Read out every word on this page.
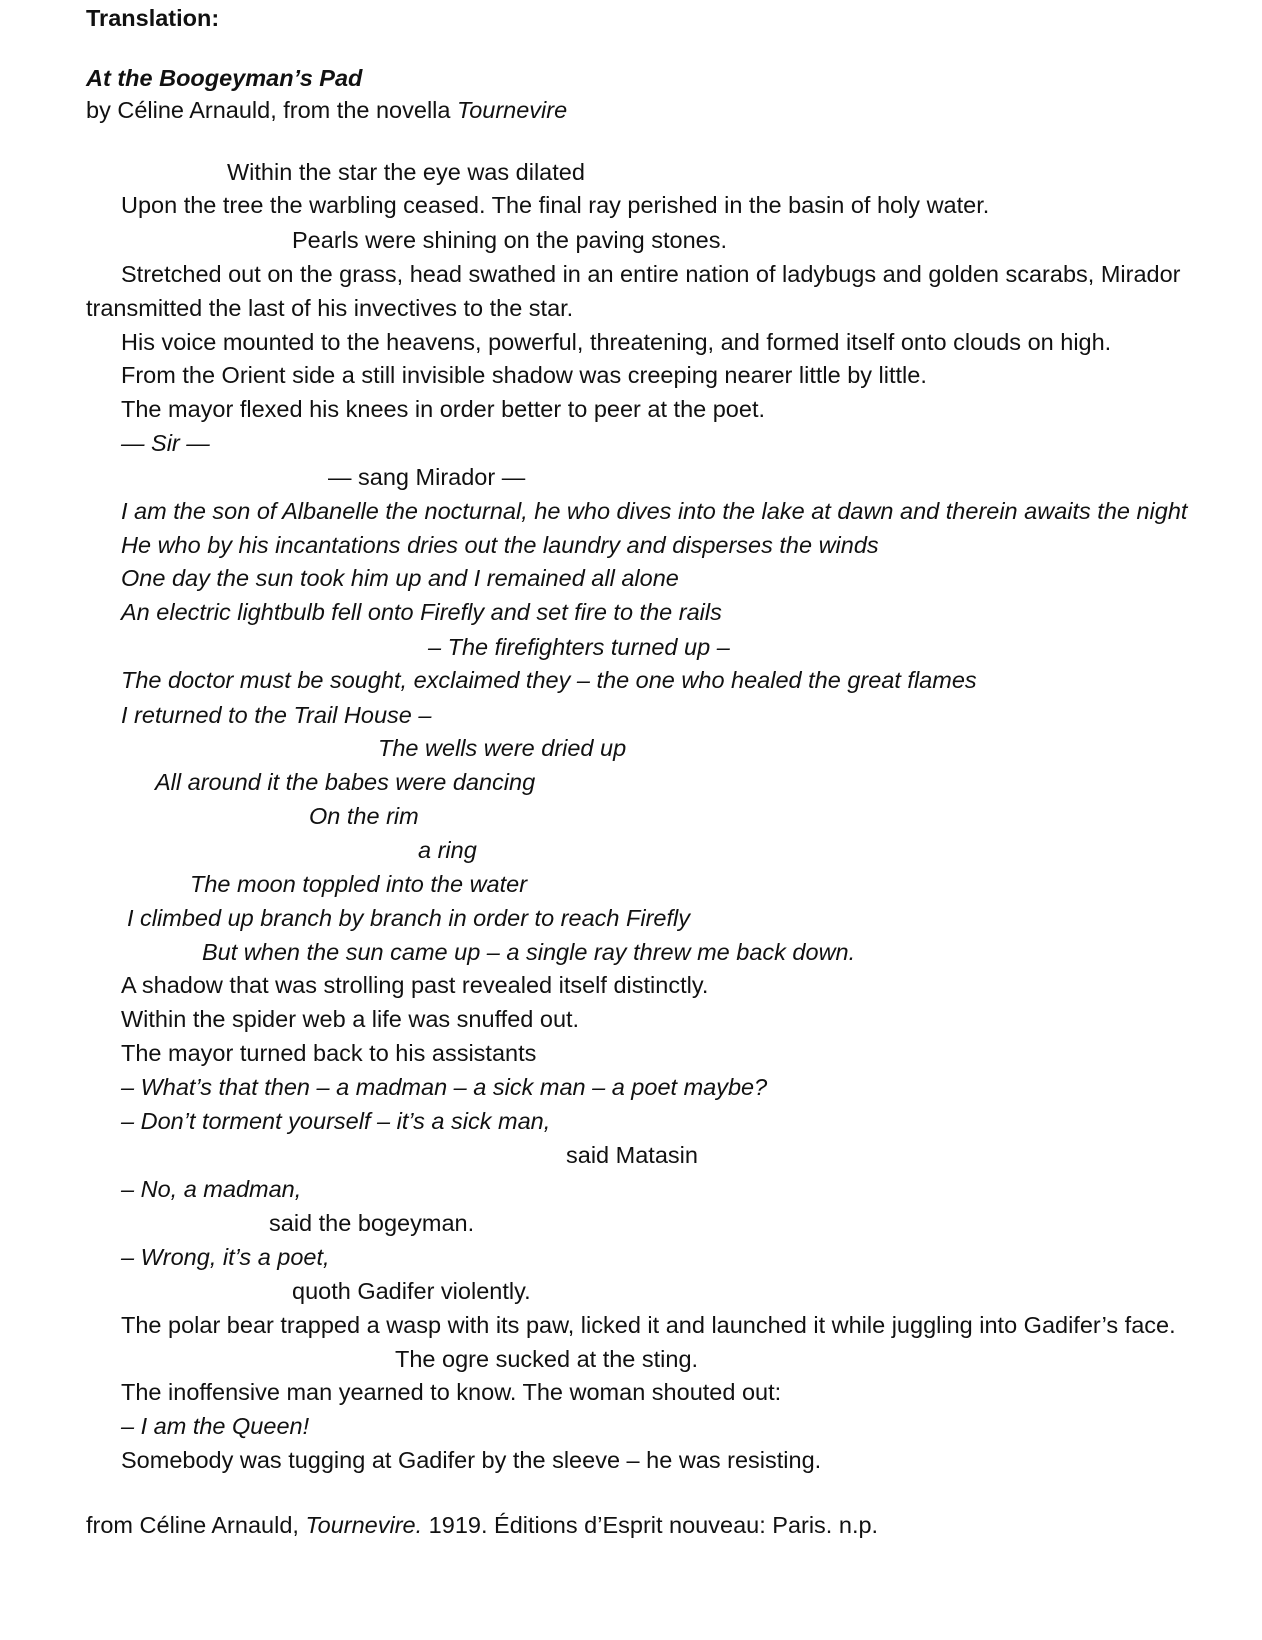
Translation:
At the Boogeyman’s Pad
by Céline Arnauld, from the novella Tournevire
Within the star the eye was dilated
Upon the tree the warbling ceased. The final ray perished in the basin of holy water.
Pearls were shining on the paving stones.
Stretched out on the grass, head swathed in an entire nation of ladybugs and golden scarabs, Mirador
transmitted the last of his invectives to the star.
His voice mounted to the heavens, powerful, threatening, and formed itself onto clouds on high.
From the Orient side a still invisible shadow was creeping nearer little by little.
The mayor flexed his knees in order better to peer at the poet.
— Sir —
— sang Mirador —
I am the son of Albanelle the nocturnal, he who dives into the lake at dawn and therein awaits the night
He who by his incantations dries out the laundry and disperses the winds
One day the sun took him up and I remained all alone
An electric lightbulb fell onto Firefly and set fire to the rails
– The firefighters turned up –
The doctor must be sought, exclaimed they – the one who healed the great flames
I returned to the Trail House –
The wells were dried up
All around it the babes were dancing
On the rim
a ring
The moon toppled into the water
I climbed up branch by branch in order to reach Firefly
But when the sun came up – a single ray threw me back down.
A shadow that was strolling past revealed itself distinctly.
Within the spider web a life was snuffed out.
The mayor turned back to his assistants
– What’s that then – a madman – a sick man – a poet maybe?
– Don’t torment yourself – it’s a sick man,
said Matasin
– No, a madman,
said the bogeyman.
– Wrong, it’s a poet,
quoth Gadifer violently.
The polar bear trapped a wasp with its paw, licked it and launched it while juggling into Gadifer’s face.
The ogre sucked at the sting.
The inoffensive man yearned to know. The woman shouted out:
– I am the Queen!
Somebody was tugging at Gadifer by the sleeve – he was resisting.
from Céline Arnauld, Tournevire. 1919. Éditions d’Esprit nouveau: Paris. n.p.
